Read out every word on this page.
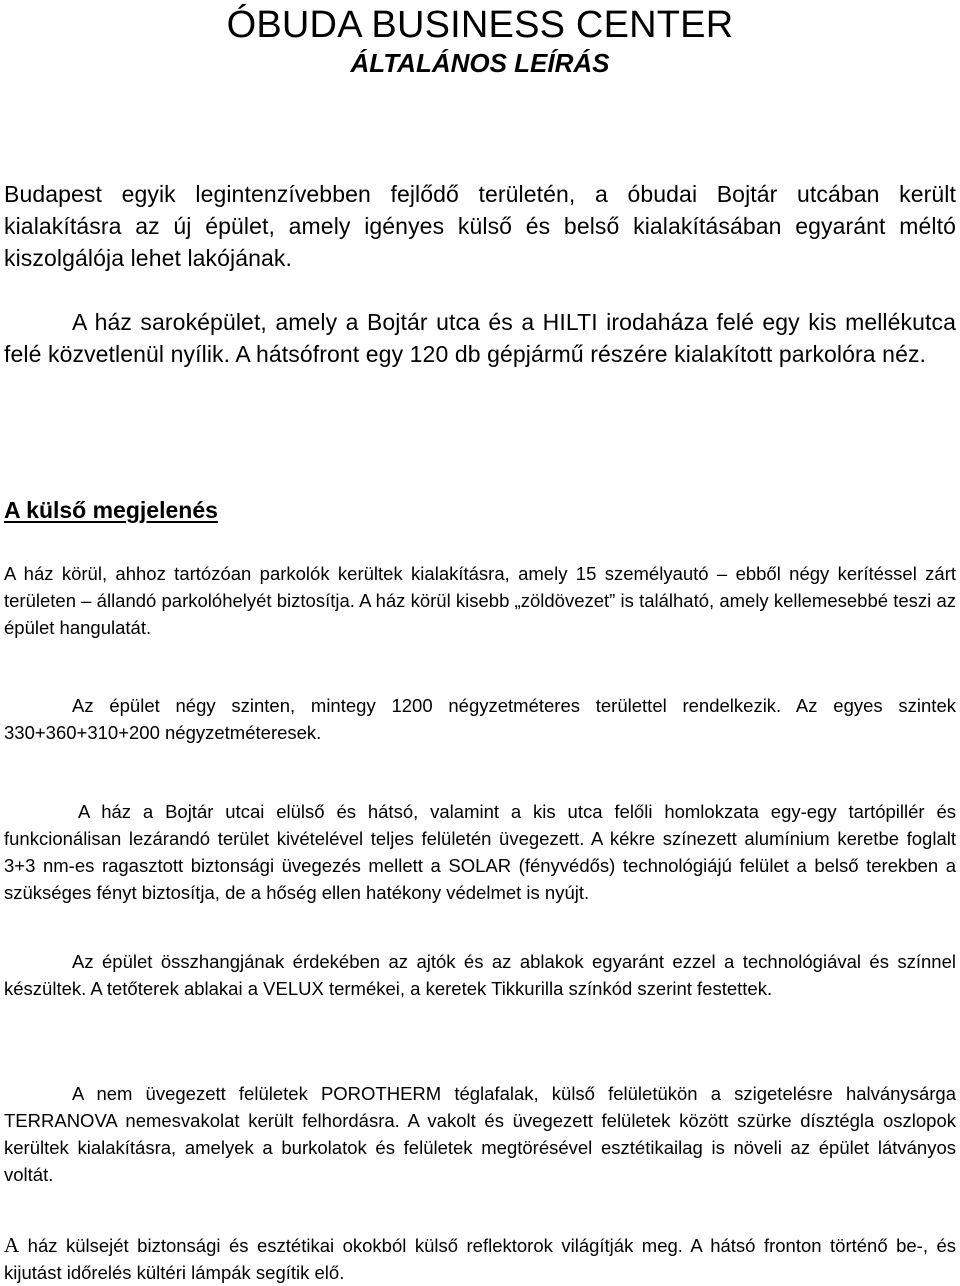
ÓBUDA BUSINESS CENTER
ÁLTALÁNOS LEÍRÁS
Budapest egyik legintenzívebben fejlődő területén, a óbudai Bojtár utcában került kialakításra az új épület, amely igényes külső és belső kialakításában egyaránt méltó kiszolgálója lehet lakójának.
A ház saroképület, amely a Bojtár utca és a HILTI irodaháza felé egy kis mellékutca felé közvetlenül nyílik. A hátsófront egy 120 db gépjármű részére kialakított parkolóra néz.
A külső megjelenés
A ház körül, ahhoz tartózóan parkolók kerültek kialakításra, amely 15 személyautó – ebből négy kerítéssel zárt területen – állandó parkolóhelyét biztosítja. A ház körül kisebb „zöldövezet” is található, amely kellemesebbé teszi az épület hangulatát.
Az épület négy szinten, mintegy 1200 négyzetméteres területtel rendelkezik. Az egyes szintek 330+360+310+200 négyzetméteresek.
A ház a Bojtár utcai elülső és hátsó, valamint a kis utca felőli homlokzata egy-egy tartópillér és funkcionálisan lezárandó terület kivételével teljes felületén üvegezett. A kékre színezett alumínium keretbe foglalt 3+3 nm-es ragasztott biztonsági üvegezés mellett a SOLAR (fényvédős) technológiájú felület a belső terekben a szükséges fényt biztosítja, de a hőség ellen hatékony védelmet is nyújt.
Az épület összhangjának érdekében az ajtók és az ablakok egyaránt ezzel a technológiával és színnel készültek. A tetőterek ablakai a VELUX termékei, a keretek Tikkurilla színkód szerint festettek.
A nem üvegezett felületek POROTHERM téglafalak, külső felületükön a szigetelésre halványsárga TERRANOVA nemesvakolat került felhordásra. A vakolt és üvegezett felületek között szürke dísztégla oszlopok kerültek kialakításra, amelyek a burkolatok és felületek megtörésével esztétikailag is növeli az épület látványos voltát.
A ház külsejét biztonsági és esztétikai okokból külső reflektorok világítják meg. A hátsó fronton történő be-, és kijutást időrelés kültéri lámpák segítik elő.
